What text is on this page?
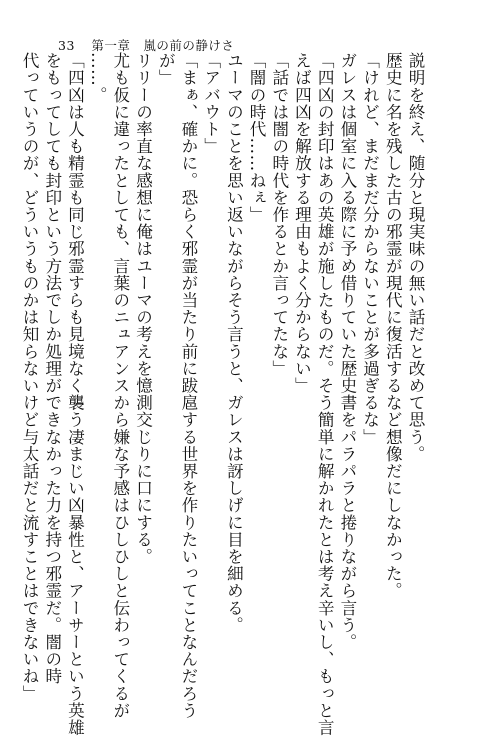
33 第一章　嵐の前の静けさ

説明を終え、随分と現実味の無い話だと改めて思う。

歴史に名を残した古の邪霊が現代に復活するなど想像だにしなかった。

「けれど、まだまだ分からないことが多過ぎるな」

ガレスは個室に入る際に予め借りていた歴史書をパラパラと捲りながら言う。

「四凶の封印はあの英雄が施したものだ。そう簡単に解かれたとは考え辛いし、もっと言

えば四凶を解放する理由もよく分からない」

「話では闇の時代を作るとか言ってたな」

「闇の時代……ねぇ」

ユーマのことを思い返いながらそう言うと、ガレスは訝しげに目を細める。

「アバウト」

「まぁ、確かに。恐らく邪霊が当たり前に跋扈する世界を作りたいってことなんだろう

が」

リリーの率直な感想に俺はユーマの考えを憶測交じりに口にする。

尤も仮に違ったとしても、言葉のニュアンスから嫌な予感はひしひしと伝わってくるが

……。

「四凶は人も精霊も同じ邪霊すらも見境なく襲う凄まじい凶暴性と、アーサーという英雄

をもってしても封印という方法でしか処理ができなかった力を持つ邪霊だ。闇の時

代っていうのが、どういうものかは知らないけど与太話だと流すことはできないね」
